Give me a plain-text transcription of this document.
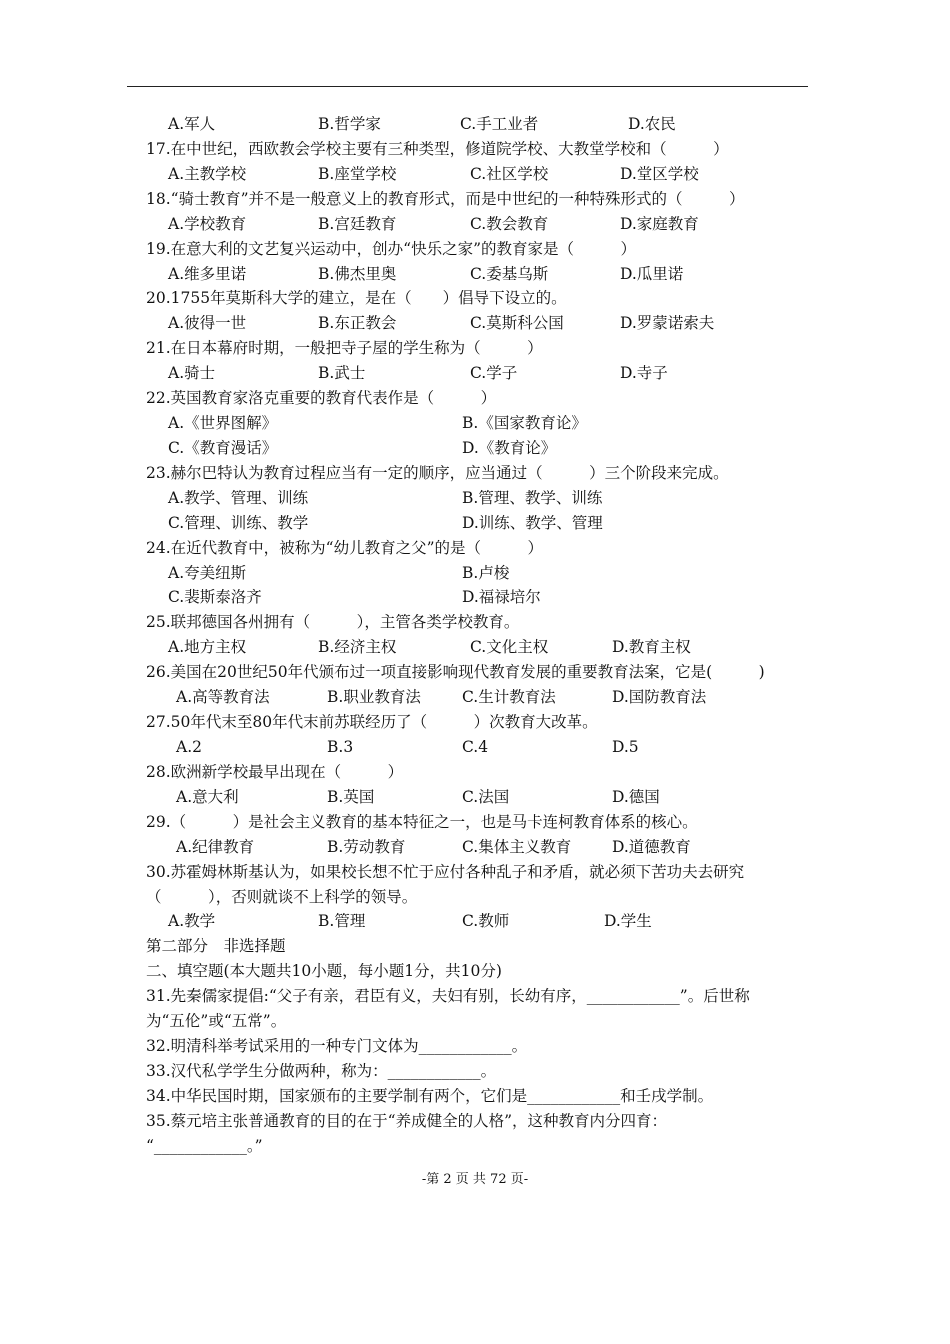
A.军人	B.哲学家	C.手工业者	D.农民
17.在中世纪，西欧教会学校主要有三种类型，修道院学校、大教堂学校和（　　　）
A.主教学校	B.座堂学校	C.社区学校	D.堂区学校
18.“骑士教育”并不是一般意义上的教育形式，而是中世纪的一种特殊形式的（　　　）
A.学校教育	B.宫廷教育	C.教会教育	D.家庭教育
19.在意大利的文艺复兴运动中，创办“快乐之家”的教育家是（　　　）
A.维多里诺	B.佛杰里奥	C.委基乌斯	D.瓜里诺
20.1755年莫斯科大学的建立，是在（　　）倡导下设立的。
A.彼得一世	B.东正教会	C.莫斯科公国	D.罗蒙诺索夫
21.在日本幕府时期，一般把寺子屋的学生称为（　　　）
A.骑士	B.武士	C.学子	D.寺子
22.英国教育家洛克重要的教育代表作是（　　　）
A.《世界图解》	B.《国家教育论》
C.《教育漫话》	D.《教育论》
23.赫尔巴特认为教育过程应当有一定的顺序，应当通过（　　　）三个阶段来完成。
A.教学、管理、训练	B.管理、教学、训练
C.管理、训练、教学	D.训练、教学、管理
24.在近代教育中，被称为“幼儿教育之父”的是（　　　）
A.夸美纽斯	B.卢梭
C.裴斯泰洛齐	D.福禄培尔
25.联邦德国各州拥有（　　　），主管各类学校教育。
A.地方主权	B.经济主权	C.文化主权	D.教育主权
26.美国在20世纪50年代颁布过一项直接影响现代教育发展的重要教育法案，它是(　　　)
A.高等教育法	B.职业教育法	C.生计教育法	D.国防教育法
27.50年代末至80年代末前苏联经历了（　　　）次教育大改革。
A.2	B.3	C.4	D.5
28.欧洲新学校最早出现在（　　　）
A.意大利	B.英国	C.法国	D.德国
29.（　　　）是社会主义教育的基本特征之一，也是马卡连柯教育体系的核心。
A.纪律教育	B.劳动教育	C.集体主义教育	D.道德教育
30.苏霍姆林斯基认为，如果校长想不忙于应付各种乱子和矛盾，就必须下苦功夫去研究
（　　　），否则就谈不上科学的领导。
A.教学	B.管理	C.教师	D.学生
第二部分　非选择题
二、填空题(本大题共10小题，每小题1分，共10分)
31.先秦儒家提倡:“父子有亲，君臣有义，夫妇有别，长幼有序，____________”。后世称
为“五伦”或“五常”。
32.明清科举考试采用的一种专门文体为____________。
33.汉代私学学生分做两种，称为：____________。
34.中华民国时期，国家颁布的主要学制有两个，它们是____________和壬戌学制。
35.蔡元培主张普通教育的目的在于“养成健全的人格”，这种教育内分四育：
“____________。”
-第 2 页 共 72 页-
